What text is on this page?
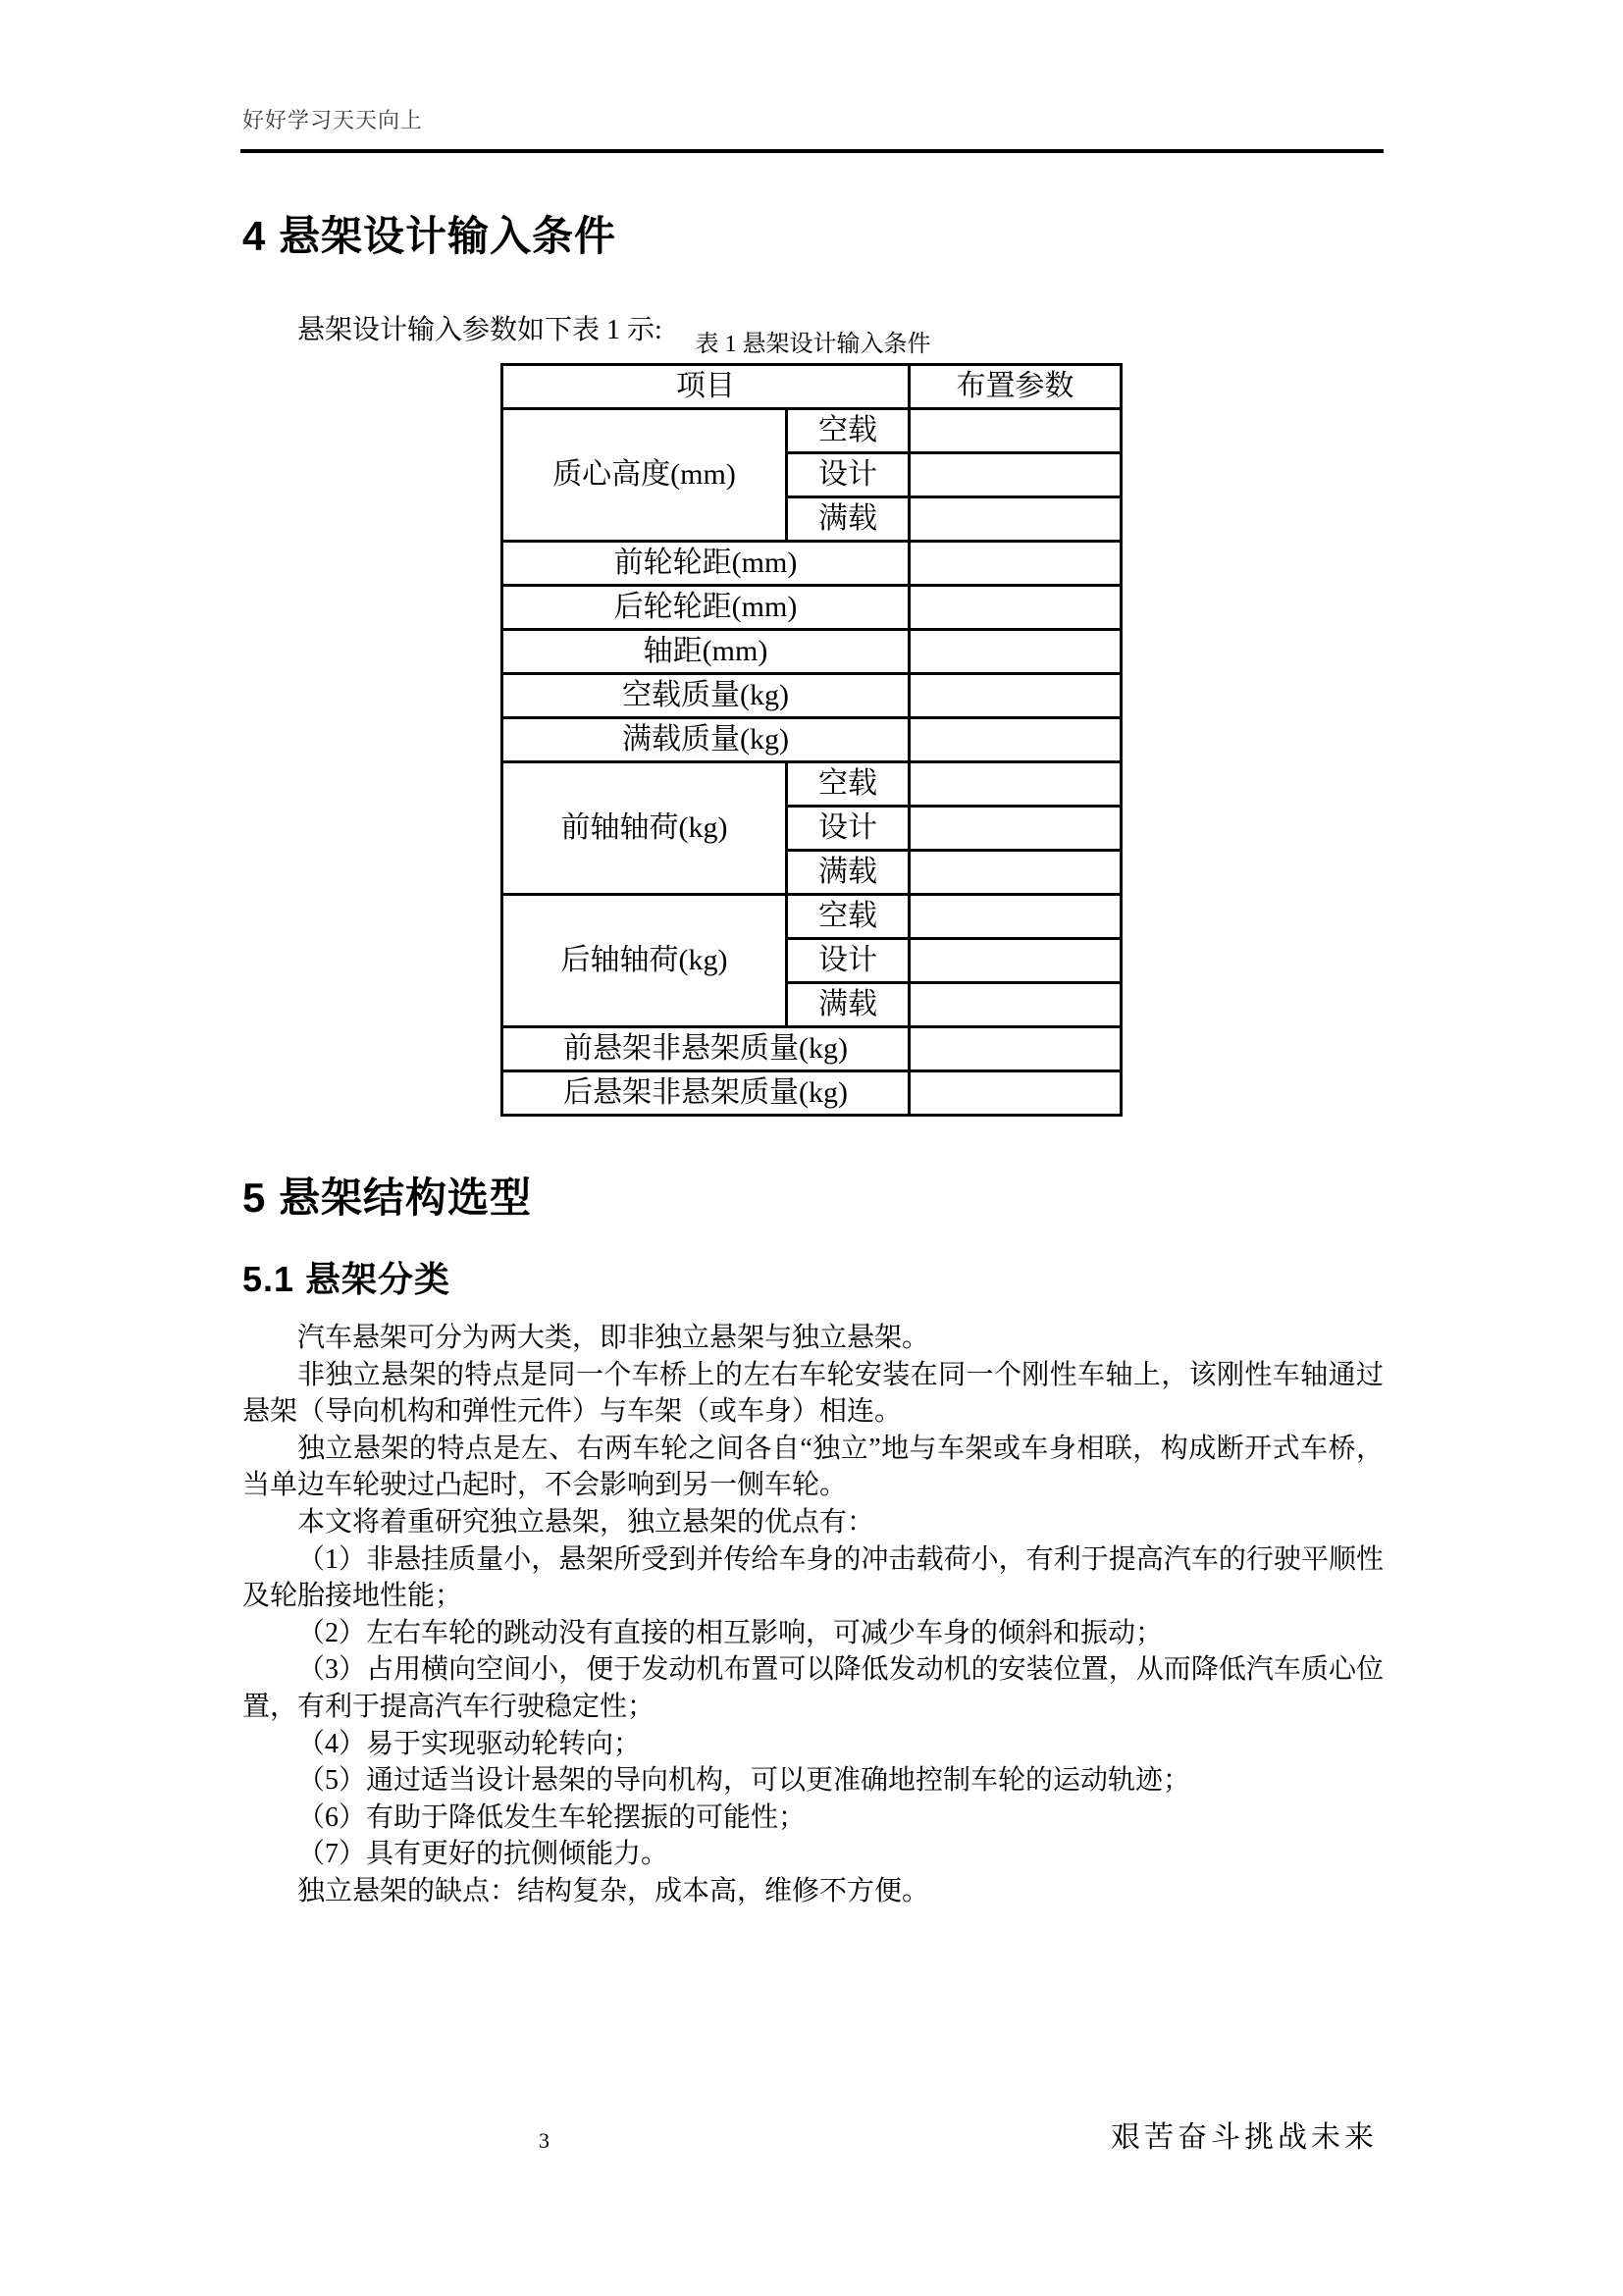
好好学习天天向上
4 悬架设计输入条件

悬架设计输入参数如下表 1 示:	表 1 悬架设计输入条件
项目		布置参数
质心高度(mm)	空载	
	设计	
	满载	
前轮轮距(mm)		
后轮轮距(mm)		
轴距(mm)		
空载质量(kg)		
满载质量(kg)		
前轴轴荷(kg)	空载	
	设计	
	满载	
后轴轴荷(kg)	空载	
	设计	
	满载	
前悬架非悬架质量(kg)		
后悬架非悬架质量(kg)		
5 悬架结构选型
5.1 悬架分类

汽车悬架可分为两大类，即非独立悬架与独立悬架。

非独立悬架的特点是同一个车桥上的左右车轮安装在同一个刚性车轴上，该刚性车轴通过悬架（导向机构和弹性元件）与车架（或车身）相连。

独立悬架的特点是左、右两车轮之间各自“独立”地与车架或车身相联，构成断开式车桥，当单边车轮驶过凸起时，不会影响到另一侧车轮。

本文将着重研究独立悬架，独立悬架的优点有：

（1）非悬挂质量小，悬架所受到并传给车身的冲击载荷小，有利于提高汽车的行驶平顺性及轮胎接地性能；

（2）左右车轮的跳动没有直接的相互影响，可减少车身的倾斜和振动；

（3）占用横向空间小，便于发动机布置可以降低发动机的安装位置，从而降低汽车质心位置，有利于提高汽车行驶稳定性；

（4）易于实现驱动轮转向；

（5）通过适当设计悬架的导向机构，可以更准确地控制车轮的运动轨迹；

（6）有助于降低发生车轮摆振的可能性；

（7）具有更好的抗侧倾能力。

独立悬架的缺点：结构复杂，成本高，维修不方便。

3	艰苦奋斗挑战未来
